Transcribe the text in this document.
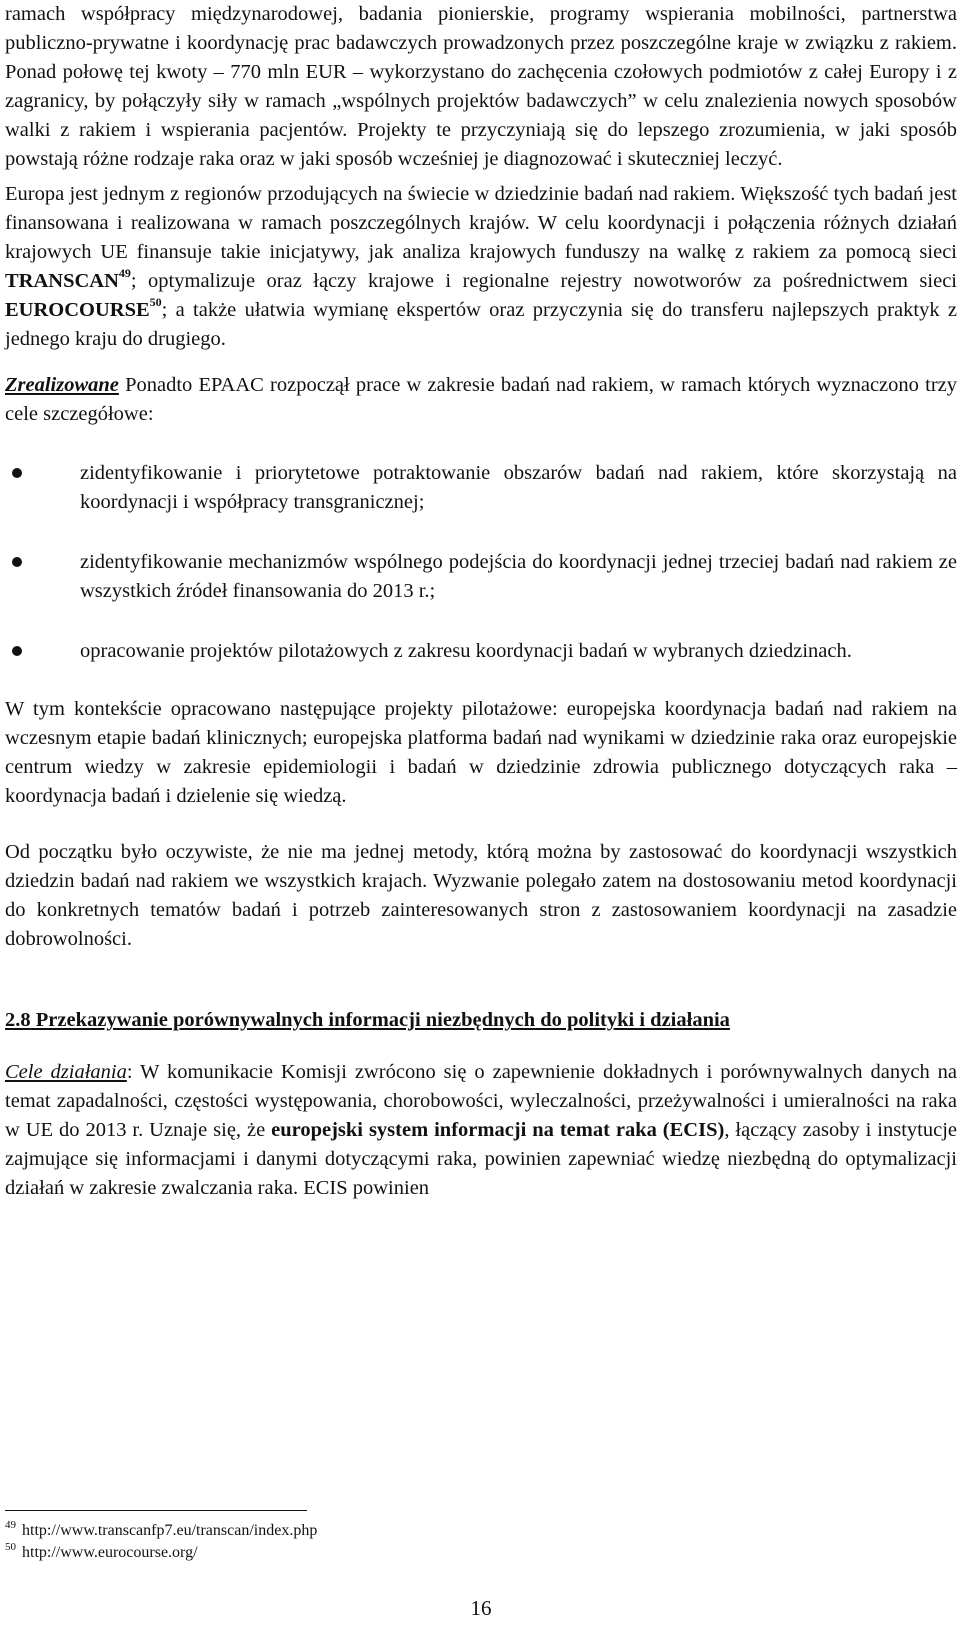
ramach współpracy międzynarodowej, badania pionierskie, programy wspierania mobilności, partnerstwa publiczno-prywatne i koordynację prac badawczych prowadzonych przez poszczególne kraje w związku z rakiem. Ponad połowę tej kwoty – 770 mln EUR – wykorzystano do zachęcenia czołowych podmiotów z całej Europy i z zagranicy, by połączyły siły w ramach „wspólnych projektów badawczych” w celu znalezienia nowych sposobów walki z rakiem i wspierania pacjentów. Projekty te przyczyniają się do lepszego zrozumienia, w jaki sposób powstają różne rodzaje raka oraz w jaki sposób wcześniej je diagnozować i skuteczniej leczyć.

Europa jest jednym z regionów przodujących na świecie w dziedzinie badań nad rakiem. Większość tych badań jest finansowana i realizowana w ramach poszczególnych krajów. W celu koordynacji i połączenia różnych działań krajowych UE finansuje takie inicjatywy, jak analiza krajowych funduszy na walkę z rakiem za pomocą sieci TRANSCAN$^{49}$; optymalizuje oraz łączy krajowe i regionalne rejestry nowotworów za pośrednictwem sieci EUROCOURSE$^{50}$; a także ułatwia wymianę ekspertów oraz przyczynia się do transferu najlepszych praktyk z jednego kraju do drugiego.

Zrealizowane Ponadto EPAAC rozpoczął prace w zakresie badań nad rakiem, w ramach których wyznaczono trzy cele szczegółowe:

zidentyfikowanie i priorytetowe potraktowanie obszarów badań nad rakiem, które skorzystają na koordynacji i współpracy transgranicznej;
zidentyfikowanie mechanizmów wspólnego podejścia do koordynacji jednej trzeciej badań nad rakiem ze wszystkich źródeł finansowania do 2013 r.;
opracowanie projektów pilotażowych z zakresu koordynacji badań w wybranych dziedzinach.

W tym kontekście opracowano następujące projekty pilotażowe: europejska koordynacja badań nad rakiem na wczesnym etapie badań klinicznych; europejska platforma badań nad wynikami w dziedzinie raka oraz europejskie centrum wiedzy w zakresie epidemiologii i badań w dziedzinie zdrowia publicznego dotyczących raka – koordynacja badań i dzielenie się wiedzą.

Od początku było oczywiste, że nie ma jednej metody, którą można by zastosować do koordynacji wszystkich dziedzin badań nad rakiem we wszystkich krajach. Wyzwanie polegało zatem na dostosowaniu metod koordynacji do konkretnych tematów badań i potrzeb zainteresowanych stron z zastosowaniem koordynacji na zasadzie dobrowolności.

2.8 Przekazywanie porównywalnych informacji niezbędnych do polityki i działania

Cele działania: W komunikacie Komisji zwrócono się o zapewnienie dokładnych i porównywalnych danych na temat zapadalności, częstości występowania, chorobowości, wyleczalności, przeżywalności i umieralności na raka w UE do 2013 r. Uznaje się, że europejski system informacji na temat raka (ECIS), łączący zasoby i instytucje zajmujące się informacjami i danymi dotyczącymi raka, powinien zapewniać wiedzę niezbędną do optymalizacji działań w zakresie zwalczania raka. ECIS powinien

$^{49}$ http://www.transcanfp7.eu/transcan/index.php
$^{50}$ http://www.eurocourse.org/
16
